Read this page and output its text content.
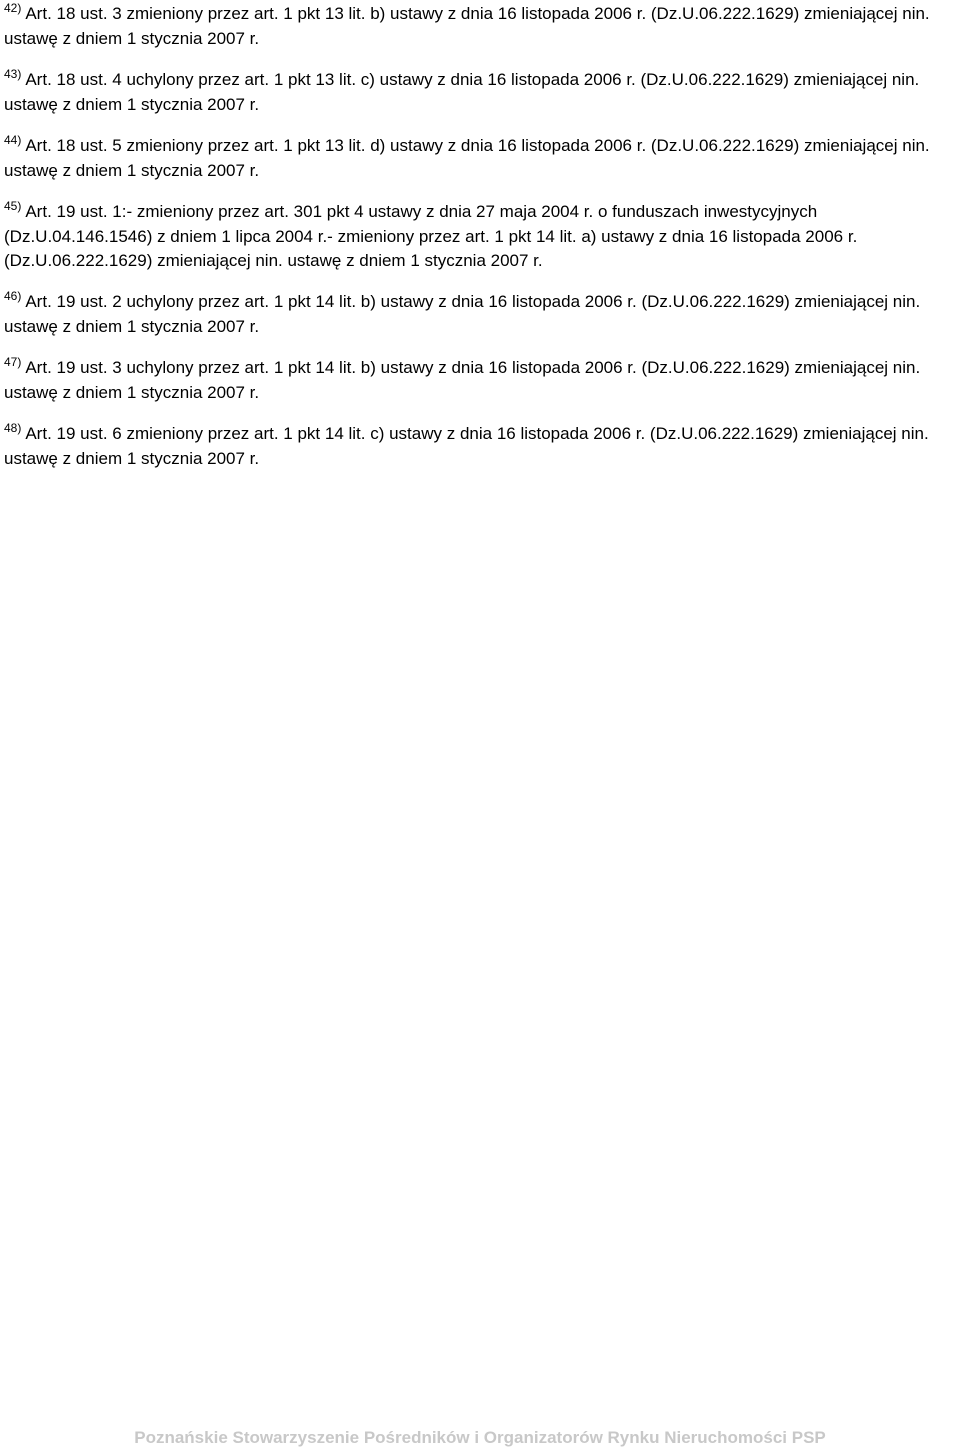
$^{42)}$ Art. 18 ust. 3 zmieniony przez art. 1 pkt 13 lit. b) ustawy z dnia 16 listopada 2006 r. (Dz.U.06.222.1629) zmieniającej nin. ustawę z dniem 1 stycznia 2007 r.

$^{43)}$ Art. 18 ust. 4 uchylony przez art. 1 pkt 13 lit. c) ustawy z dnia 16 listopada 2006 r. (Dz.U.06.222.1629) zmieniającej nin. ustawę z dniem 1 stycznia 2007 r.

$^{44)}$ Art. 18 ust. 5 zmieniony przez art. 1 pkt 13 lit. d) ustawy z dnia 16 listopada 2006 r. (Dz.U.06.222.1629) zmieniającej nin. ustawę z dniem 1 stycznia 2007 r.

$^{45)}$ Art. 19 ust. 1:- zmieniony przez art. 301 pkt 4 ustawy z dnia 27 maja 2004 r. o funduszach inwestycyjnych (Dz.U.04.146.1546) z dniem 1 lipca 2004 r.- zmieniony przez art. 1 pkt 14 lit. a) ustawy z dnia 16 listopada 2006 r. (Dz.U.06.222.1629) zmieniającej nin. ustawę z dniem 1 stycznia 2007 r.

$^{46)}$ Art. 19 ust. 2 uchylony przez art. 1 pkt 14 lit. b) ustawy z dnia 16 listopada 2006 r. (Dz.U.06.222.1629) zmieniającej nin. ustawę z dniem 1 stycznia 2007 r.

$^{47)}$ Art. 19 ust. 3 uchylony przez art. 1 pkt 14 lit. b) ustawy z dnia 16 listopada 2006 r. (Dz.U.06.222.1629) zmieniającej nin. ustawę z dniem 1 stycznia 2007 r.

$^{48)}$ Art. 19 ust. 6 zmieniony przez art. 1 pkt 14 lit. c) ustawy z dnia 16 listopada 2006 r. (Dz.U.06.222.1629) zmieniającej nin. ustawę z dniem 1 stycznia 2007 r.

Poznańskie Stowarzyszenie Pośredników i Organizatorów Rynku Nieruchomości PSP
